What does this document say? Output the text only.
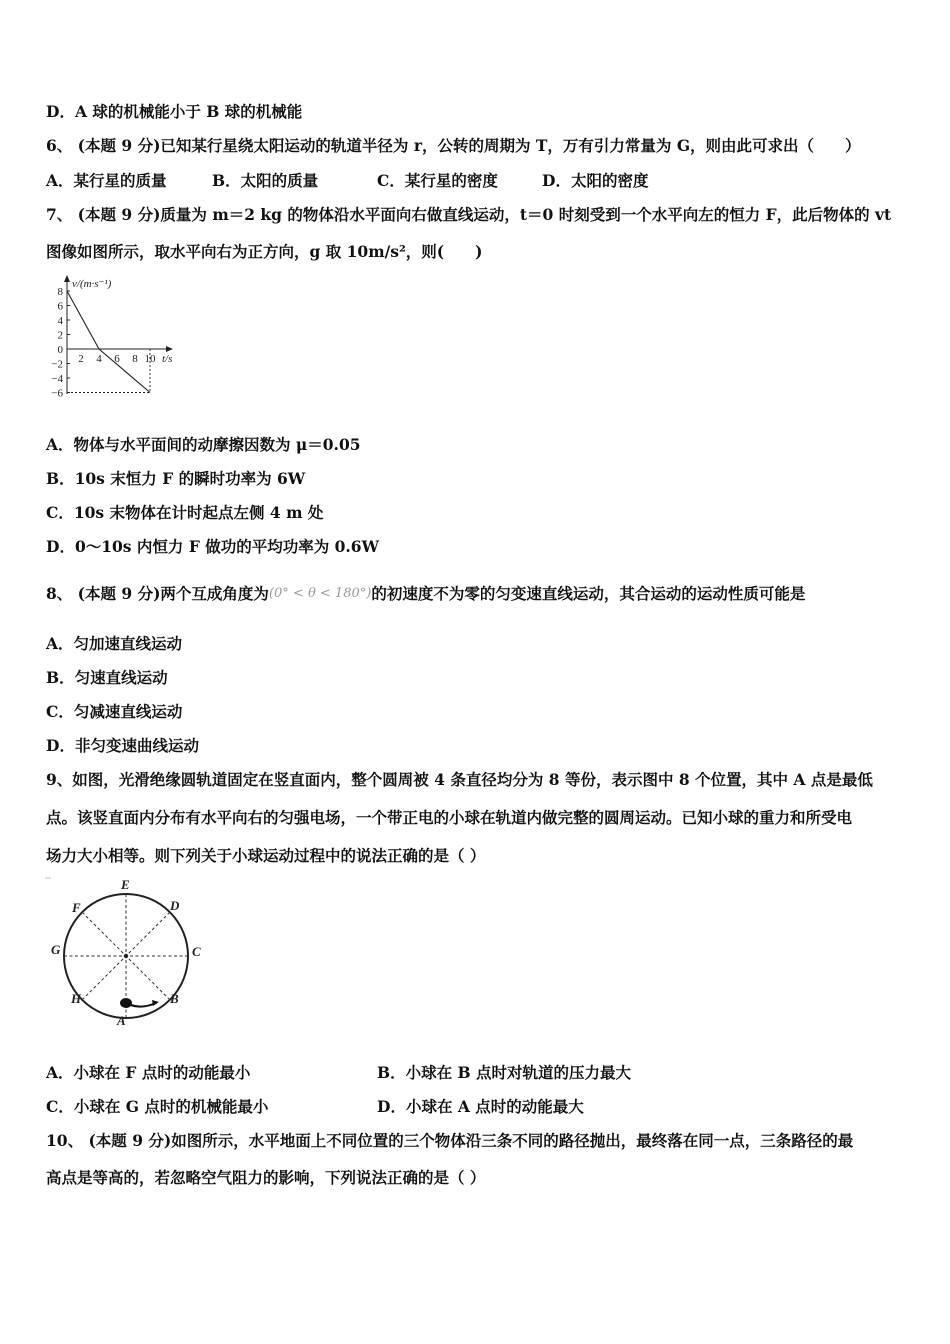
D．A 球的机械能小于 B 球的机械能
6、 (本题 9 分)已知某行星绕太阳运动的轨道半径为 r，公转的周期为 T，万有引力常量为 G，则由此可求出（　　）
A．某行星的质量	B．太阳的质量	C．某行星的密度	D．太阳的密度
7、 (本题 9 分)质量为 m＝2 kg 的物体沿水平面向右做直线运动，t＝0 时刻受到一个水平向左的恒力 F，此后物体的 vt
图像如图所示，取水平向右为正方向，g 取 10m/s²，则(　　)
8
6
4
2
0
−2
−4
−6
2 4 6 8 10
v/(m·s⁻¹)
t/s
A．物体与水平面间的动摩擦因数为 μ＝0.05
B．10s 末恒力 F 的瞬时功率为 6W
C．10s 末物体在计时起点左侧 4 m 处
D．0～10s 内恒力 F 做功的平均功率为 0.6W
8、 (本题 9 分)两个互成角度为(0° < θ < 180°)的初速度不为零的匀变速直线运动，其合运动的运动性质可能是
A．匀加速直线运动
B．匀速直线运动
C．匀减速直线运动
D．非匀变速曲线运动
9、如图，光滑绝缘圆轨道固定在竖直面内，整个圆周被 4 条直径均分为 8 等份，表示图中 8 个位置，其中 A 点是最低
点。该竖直面内分布有水平向右的匀强电场，一个带正电的小球在轨道内做完整的圆周运动。已知小球的重力和所受电
场力大小相等。则下列关于小球运动过程中的说法正确的是（ ）
E
D
F
G	C
H	B
A
A．小球在 F 点时的动能最小	B．小球在 B 点时对轨道的压力最大
C．小球在 G 点时的机械能最小	D．小球在 A 点时的动能最大
10、 (本题 9 分)如图所示，水平地面上不同位置的三个物体沿三条不同的路径抛出，最终落在同一点，三条路径的最
高点是等高的，若忽略空气阻力的影响，下列说法正确的是（ ）
